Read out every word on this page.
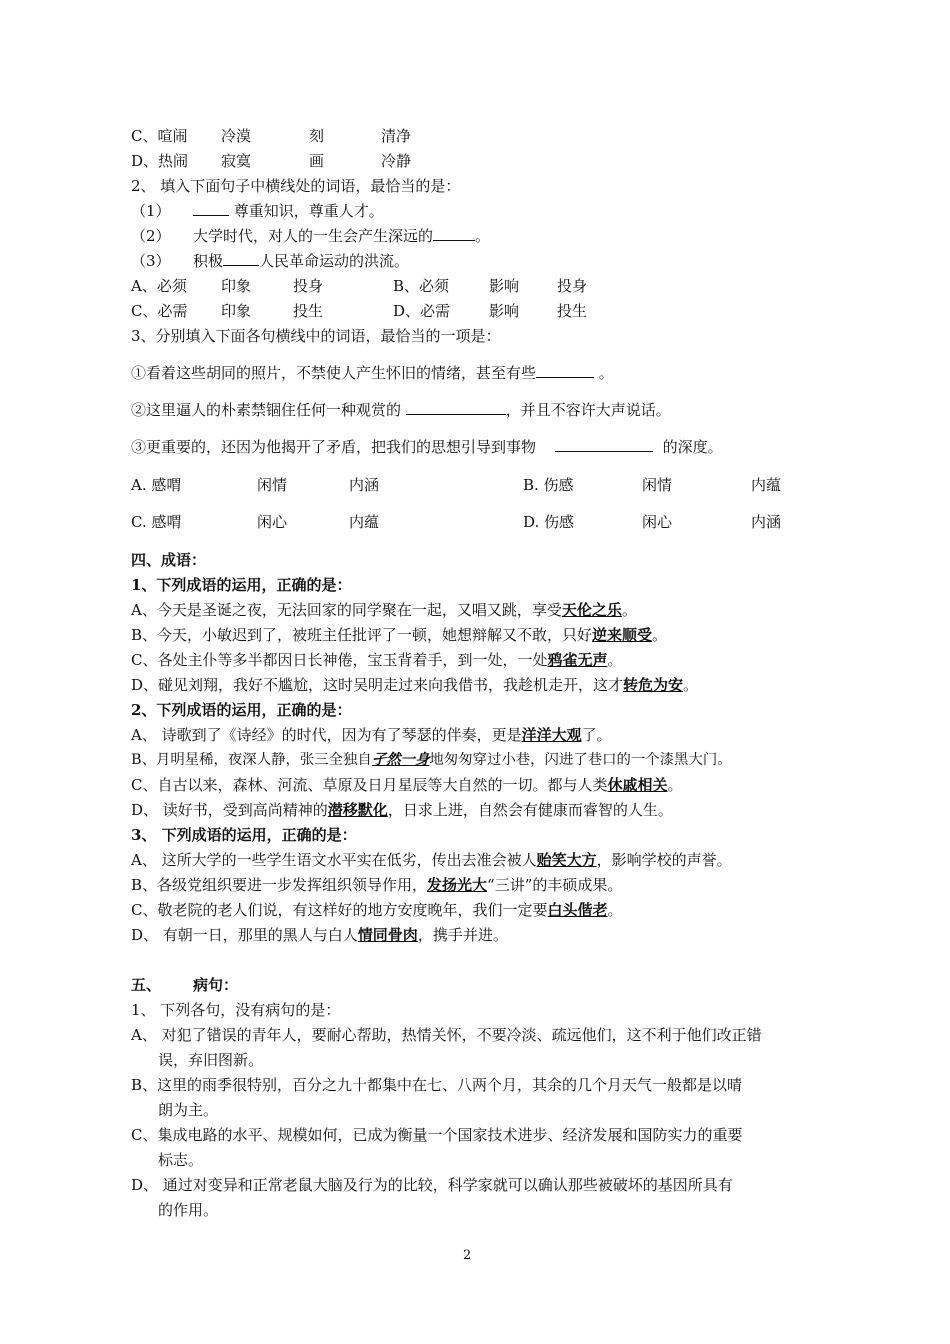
C、喧闹 冷漠	刻	清净
D、热闹 寂寞	画	冷静
2、 填入下面句子中横线处的词语，最恰当的是：
（1）	尊重知识，尊重人才。
（2） 大学时代，对人的一生会产生深远的	。
（3） 积极 人民革命运动的洪流。
A、必须 印象	投身	B、必须	影响	投身
C、必需 印象	投生	D、必需	影响	投生
3、分别填入下面各句横线中的词语，最恰当的一项是：
①看着这些胡同的照片，不禁使人产生怀旧的情绪，甚至有些	。
②这里逼人的朴素禁锢住任何一种观赏的	，并且不容许大声说话。
③更重要的，还因为他揭开了矛盾，把我们的思想引导到事物	的深度。
A. 感喟	闲情	内涵	B. 伤感	闲情	内蕴
C. 感喟	闲心	内蕴	D. 伤感	闲心	内涵
四、成语：
1、下列成语的运用，正确的是：
A、今天是圣诞之夜，无法回家的同学聚在一起，又唱又跳，享受天伦之乐。
B、今天，小敏迟到了，被班主任批评了一顿，她想辩解又不敢，只好逆来顺受。
C、各处主仆等多半都因日长神倦，宝玉背着手，到一处，一处鸦雀无声。
D、碰见刘翔，我好不尴尬，这时吴明走过来向我借书，我趁机走开，这才转危为安。
2、下列成语的运用，正确的是：
A、 诗歌到了《诗经》的时代，因为有了琴瑟的伴奏，更是洋洋大观了。
B、月明星稀，夜深人静，张三全独自孑然一身地匆匆穿过小巷，闪进了巷口的一个漆黑大门。
C、自古以来，森林、河流、草原及日月星辰等大自然的一切。都与人类休戚相关。
D、 读好书，受到高尚精神的潜移默化，日求上进，自然会有健康而睿智的人生。
3、 下列成语的运用，正确的是：
A、 这所大学的一些学生语文水平实在低劣，传出去准会被人贻笑大方，影响学校的声誉。
B、各级党组织要进一步发挥组织领导作用，发扬光大“三讲”的丰硕成果。
C、敬老院的老人们说，有这样好的地方安度晚年，我们一定要白头偕老。
D、 有朝一日，那里的黑人与白人情同骨肉，携手并进。
五、 病句：
1、 下列各句，没有病句的是：
A、 对犯了错误的青年人，要耐心帮助，热情关怀，不要冷淡、疏远他们，这不利于他们改正错
误，弃旧图新。
B、这里的雨季很特别，百分之九十都集中在七、八两个月，其余的几个月天气一般都是以晴
朗为主。
C、集成电路的水平、规模如何，已成为衡量一个国家技术进步、经济发展和国防实力的重要
标志。
D、 通过对变异和正常老鼠大脑及行为的比较，科学家就可以确认那些被破坏的基因所具有
的作用。
2
